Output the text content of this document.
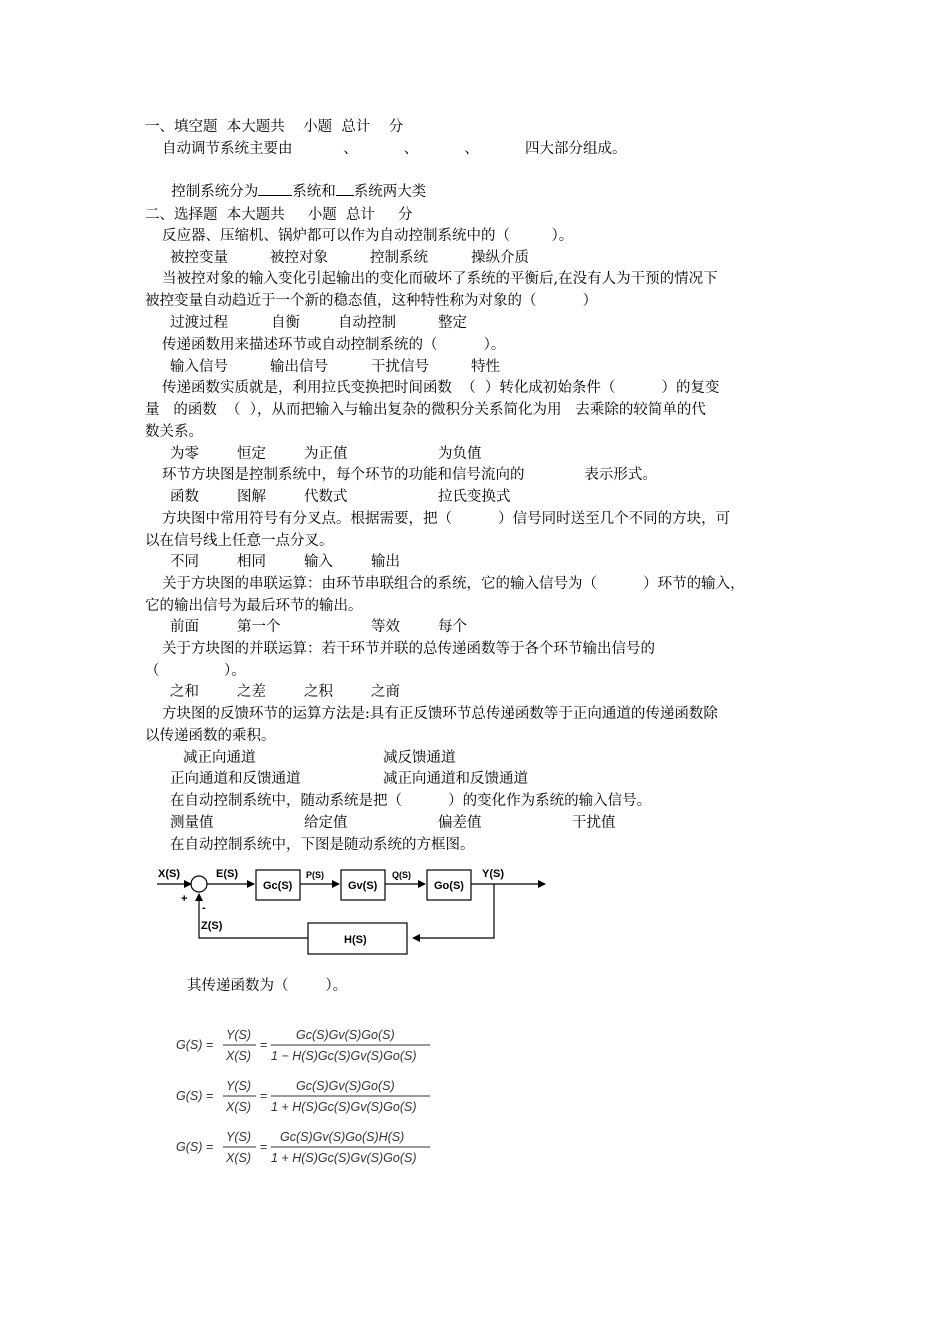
一、填空题  本大题共    小题  总计    分
自动调节系统主要由           、          、          、          四大部分组成。

控制系统分为 系统和 系统两大类

二、选择题  本大题共     小题  总计     分
反应器、压缩机、锅炉都可以作为自动控制系统中的（         ）。
被控变量	被控对象	控制系统	操纵介质
当被控对象的输入变化引起输出的变化而破坏了系统的平衡后,在没有人为干预的情况下
被控变量自动趋近于一个新的稳态值，这种特性称为对象的（          ）
过渡过程	自衡	自动控制	整定
传递函数用来描述环节或自动控制系统的（          ）。
输入信号	输出信号	干扰信号	特性
传递函数实质就是，利用拉氏变换把时间函数  （  ）转化成初始条件（          ）的复变
量   的函数  （  ），从而把输入与输出复杂的微积分关系简化为用   去乘除的较简单的代
数关系。
为零	恒定	为正值	为负值
环节方块图是控制系统中，每个环节的功能和信号流向的             表示形式。
函数	图解	代数式	拉氏变换式
方块图中常用符号有分叉点。根据需要，把（          ）信号同时送至几个不同的方块，可
以在信号线上任意一点分叉。
不同	相同	输入	输出
关于方块图的串联运算：由环节串联组合的系统，它的输入信号为（          ）环节的输入，
它的输出信号为最后环节的输出。
前面	第一个	等效	每个
关于方块图的并联运算：若干环节并联的总传递函数等于各个环节输出信号的
（              ）。
之和	之差	之积	之商
方块图的反馈环节的运算方法是:具有正反馈环节总传递函数等于正向通道的传递函数除
以传递函数的乘积。
减正向通道	减反馈通道
正向通道和反馈通道	减正向通道和反馈通道
在自动控制系统中，随动系统是把（          ）的变化作为系统的输入信号。
测量值	给定值	偏差值	干扰值
在自动控制系统中，下图是随动系统的方框图。
X(S)
+
-
E(S)
Gc(S)
P(S)
Gv(S)
Q(S)
Go(S)
Y(S)
Z(S)
H(S)
其传递函数为（        ）。
G(S) =
Y(S)
X(S)
=
Gc(S)Gv(S)Go(S)
1 − H(S)Gc(S)Gv(S)Go(S)
G(S) =
Y(S)
X(S)
=
Gc(S)Gv(S)Go(S)
1 + H(S)Gc(S)Gv(S)Go(S)
G(S) =
Y(S)
X(S)
=
Gc(S)Gv(S)Go(S)H(S)
1 + H(S)Gc(S)Gv(S)Go(S)
